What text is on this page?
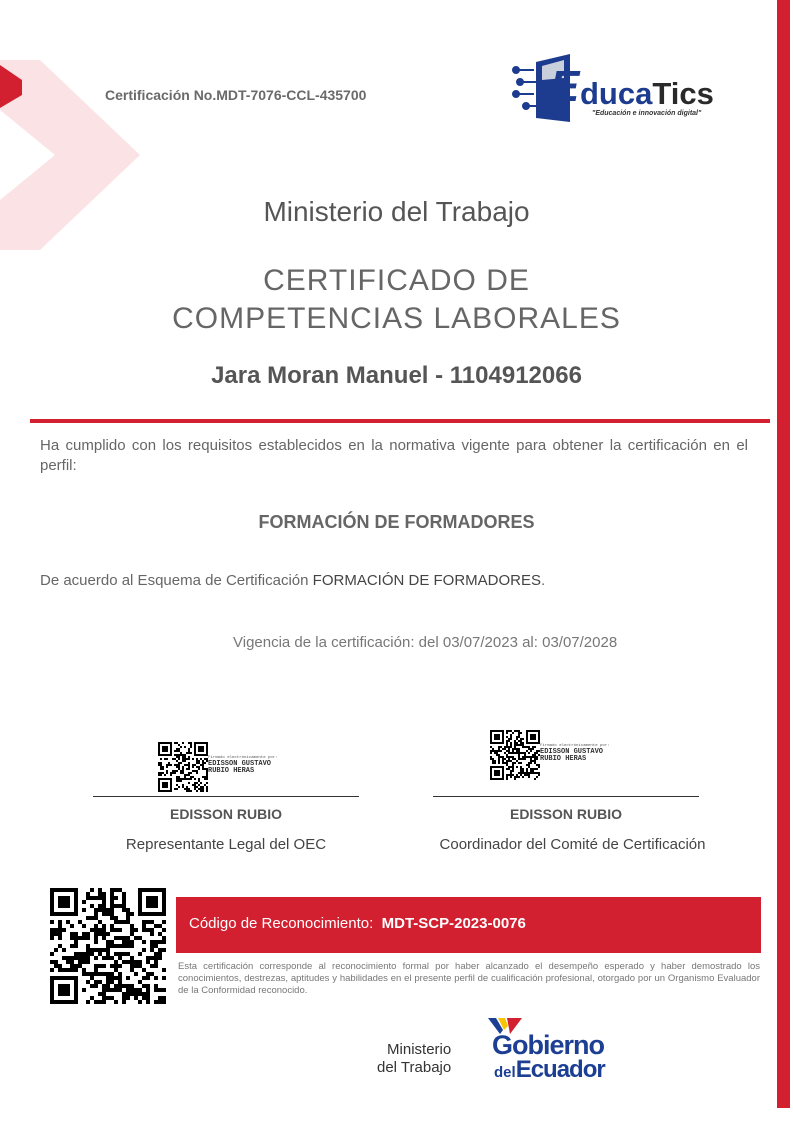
Certificación No.MDT-7076-CCL-435700	E ducaTics
"Educación e innovación digital"
Ministerio del Trabajo
CERTIFICADO DE
COMPETENCIAS LABORALES
Jara Moran Manuel - 1104912066
Ha cumplido con los requisitos establecidos en la normativa vigente para obtener la certificación en el perfil:
FORMACIÓN DE FORMADORES
De acuerdo al Esquema de Certificación FORMACIÓN DE FORMADORES.
Vigencia de la certificación: del 03/07/2023 al: 03/07/2028
Firmado electrónicamente por:
EDISSON GUSTAVO
RUBIO HERAS
EDISSON RUBIO
Representante Legal del OEC
Firmado electrónicamente por:
EDISSON GUSTAVO
RUBIO HERAS
EDISSON RUBIO
Coordinador del Comité de Certificación
Código de Reconocimiento: MDT-SCP-2023-0076
Esta certificación corresponde al reconocimiento formal por haber alcanzado el desempeño esperado y haber demostrado los conocimientos, destrezas, aptitudes y habilidades en el presente perfil de cualificación profesional, otorgado por un Organismo Evaluador de la Conformidad reconocido.
Ministerio
del Trabajo
Gobierno
delEcuador
